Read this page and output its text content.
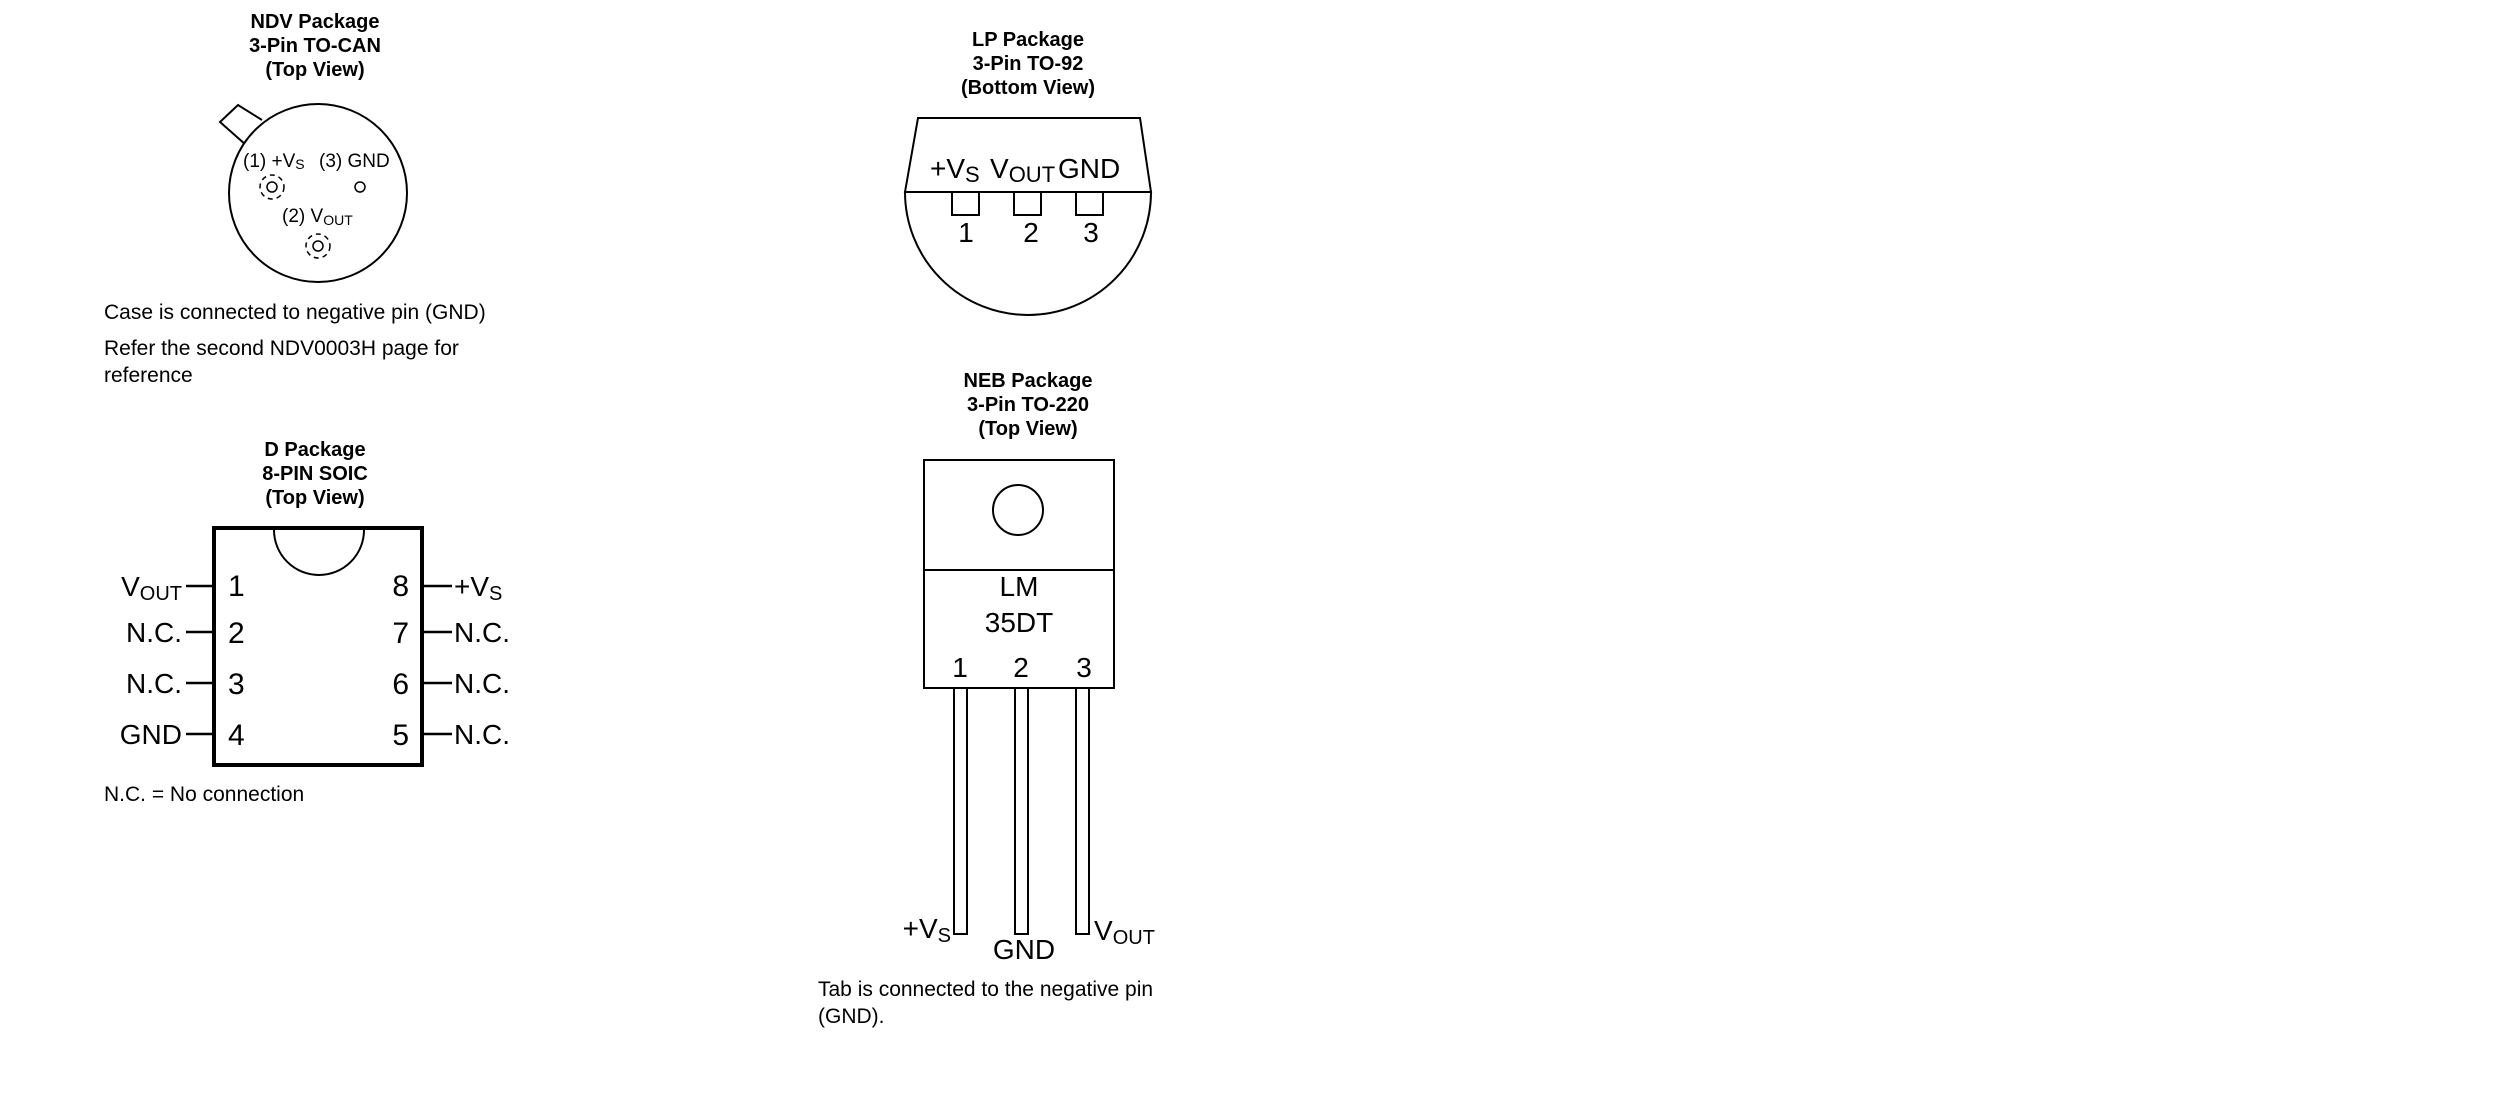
NDV Package
3-Pin TO-CAN
(Top View)
(1) +VS (3) GND
(2) VOUT
Case is connected to negative pin (GND)
Refer the second NDV0003H page for
reference
LP Package
3-Pin TO-92
(Bottom View)
+VS VOUT GND
1 2 3
D Package
8-PIN SOIC
(Top View)
1
2
3
4
8
7
6
5
VOUT
N.C.
N.C.
GND
+VS
N.C.
N.C.
N.C.
N.C. = No connection
NEB Package
3-Pin TO-220
(Top View)
LM
35DT
1 2 3
+VS GND
VOUT
Tab is connected to the negative pin
(GND).
